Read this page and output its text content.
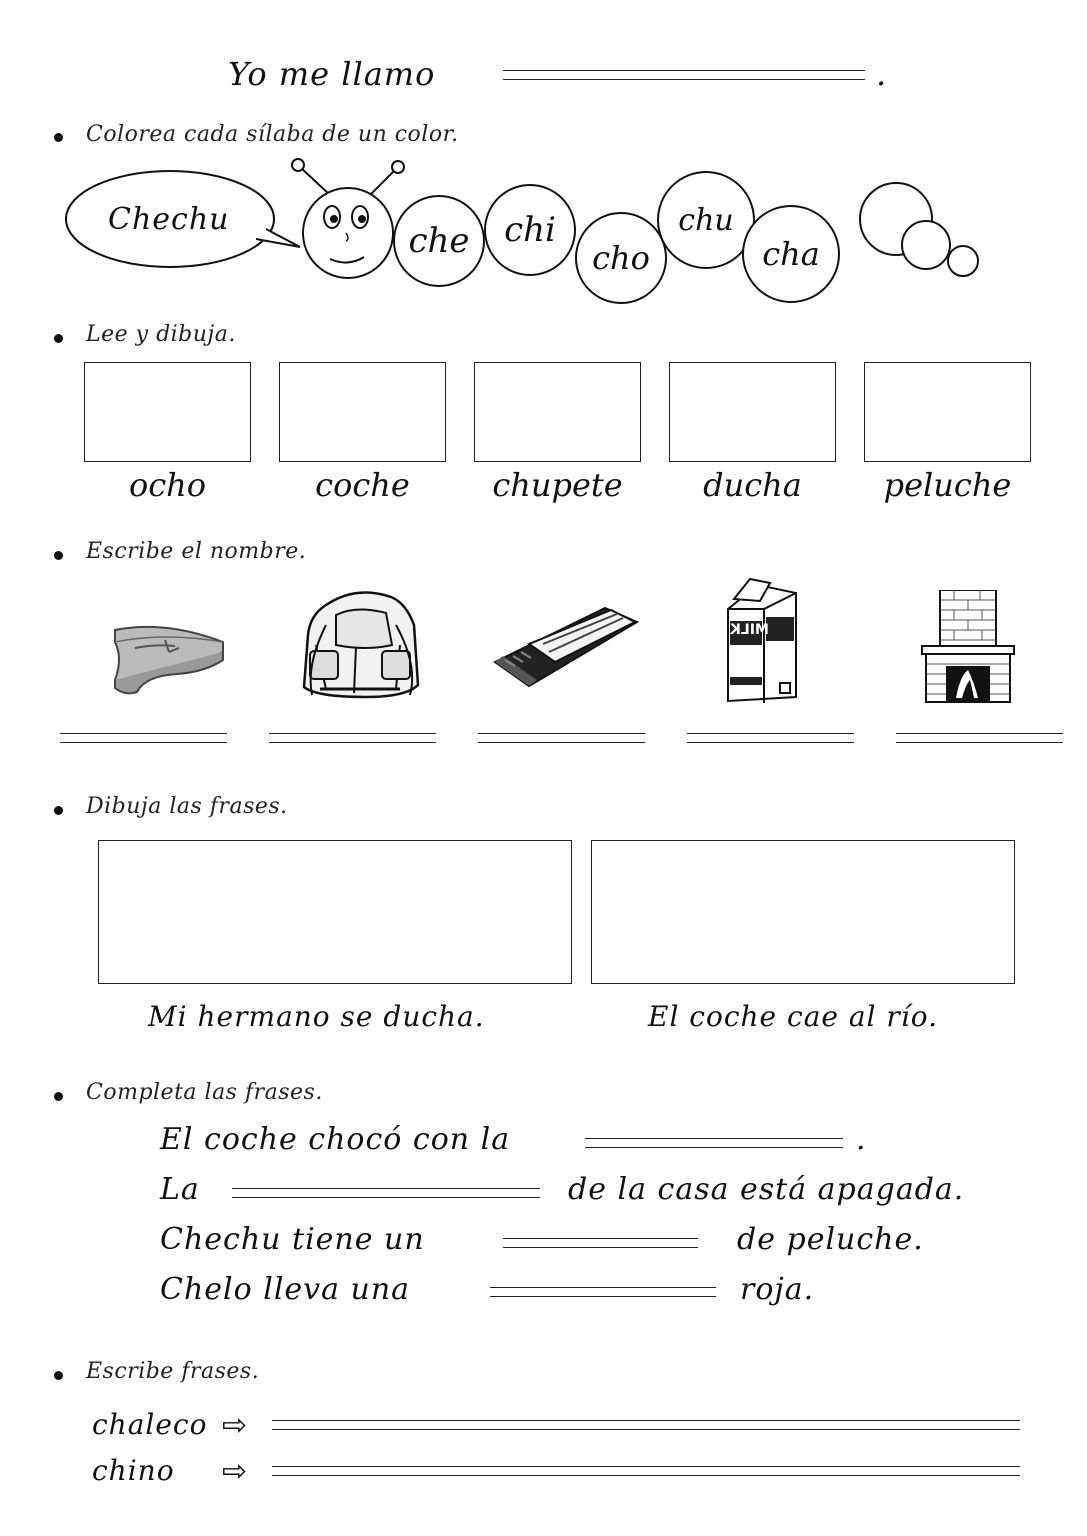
Yo me llamo	.
Colorea cada sílaba de un color.
Chechu
che chi
cho
chu
cha
Lee y dibuja.
ocho	coche	chupete	ducha	peluche
Escribe el nombre.
MILK
Dibuja las frases.
Mi hermano se ducha.	El coche cae al río.
Completa las frases.
El coche chocó con la	.
La	de la casa está apagada.
Chechu tiene un	de peluche.
Chelo lleva una	roja.
Escribe frases.
chaleco ⇨
chino ⇨
